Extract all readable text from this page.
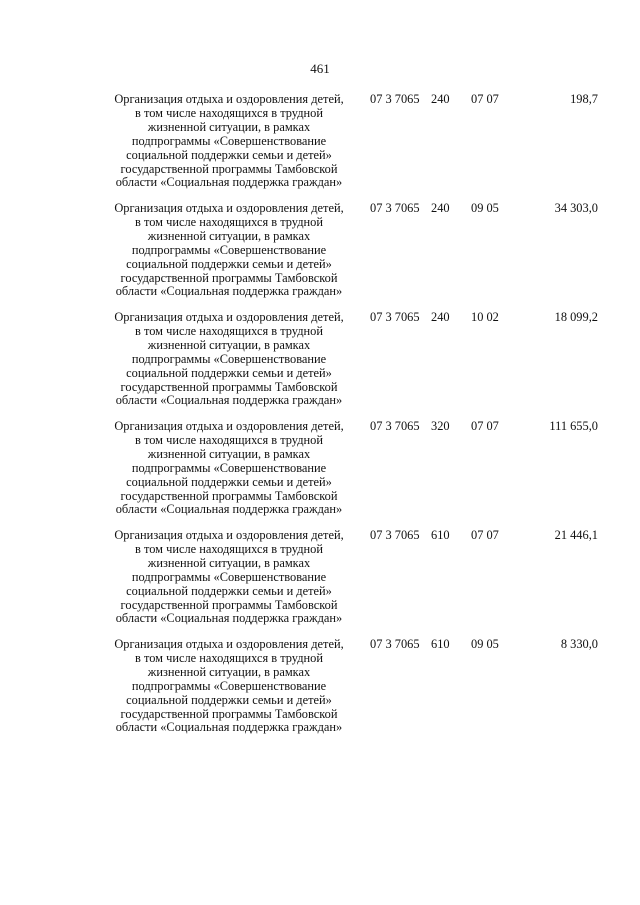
461
Организация отдыха и оздоровления детей,
в том числе находящихся в трудной
жизненной ситуации, в рамках
подпрограммы «Совершенствование
социальной поддержки семьи и детей»
государственной программы Тамбовской
области «Социальная поддержка граждан»
07 3 7065 240 07 07	198,7
Организация отдыха и оздоровления детей,
в том числе находящихся в трудной
жизненной ситуации, в рамках
подпрограммы «Совершенствование
социальной поддержки семьи и детей»
государственной программы Тамбовской
области «Социальная поддержка граждан»
07 3 7065 240 09 05	34 303,0
Организация отдыха и оздоровления детей,
в том числе находящихся в трудной
жизненной ситуации, в рамках
подпрограммы «Совершенствование
социальной поддержки семьи и детей»
государственной программы Тамбовской
области «Социальная поддержка граждан»
07 3 7065 240 10 02	18 099,2
Организация отдыха и оздоровления детей,
в том числе находящихся в трудной
жизненной ситуации, в рамках
подпрограммы «Совершенствование
социальной поддержки семьи и детей»
государственной программы Тамбовской
области «Социальная поддержка граждан»
07 3 7065 320 07 07	111 655,0
Организация отдыха и оздоровления детей,
в том числе находящихся в трудной
жизненной ситуации, в рамках
подпрограммы «Совершенствование
социальной поддержки семьи и детей»
государственной программы Тамбовской
области «Социальная поддержка граждан»
07 3 7065 610 07 07	21 446,1
Организация отдыха и оздоровления детей,
в том числе находящихся в трудной
жизненной ситуации, в рамках
подпрограммы «Совершенствование
социальной поддержки семьи и детей»
государственной программы Тамбовской
области «Социальная поддержка граждан»
07 3 7065 610 09 05	8 330,0
